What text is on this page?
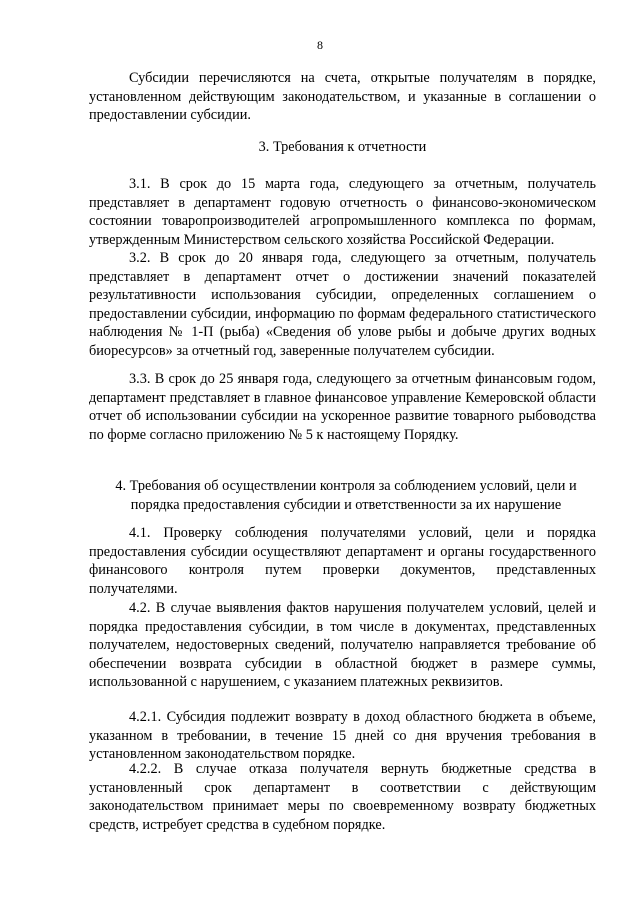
8

Субсидии перечисляются на счета, открытые получателям в порядке, установленном действующим законодательством, и указанные в соглашении о предоставлении субсидии.

3. Требования к отчетности

3.1. В срок до 15 марта года, следующего за отчетным, получатель представляет в департамент годовую отчетность о финансово-экономическом состоянии товаропроизводителей агропромышленного комплекса по формам, утвержденным Министерством сельского хозяйства Российской Федерации.

3.2. В срок до 20 января года, следующего за отчетным, получатель представляет в департамент отчет о достижении значений показателей результативности использования субсидии, определенных соглашением о предоставлении субсидии, информацию по формам федерального статистического наблюдения № 1-П (рыба) «Сведения об улове рыбы и добыче других водных биоресурсов» за отчетный год, заверенные получателем субсидии.

3.3. В срок до 25 января года, следующего за отчетным финансовым годом, департамент представляет в главное финансовое управление Кемеровской области отчет об использовании субсидии на ускоренное развитие товарного рыбоводства по форме согласно приложению № 5 к настоящему Порядку.

4. Требования об осуществлении контроля за соблюдением условий, цели и
порядка предоставления субсидии и ответственности за их нарушение

4.1. Проверку соблюдения получателями условий, цели и порядка предоставления субсидии осуществляют департамент и органы государственного финансового контроля путем проверки документов, представленных получателями.

4.2. В случае выявления фактов нарушения получателем условий, целей и порядка предоставления субсидии, в том числе в документах, представленных получателем, недостоверных сведений, получателю направляется требование об обеспечении возврата субсидии в областной бюджет в размере суммы, использованной с нарушением, с указанием платежных реквизитов.

4.2.1. Субсидия подлежит возврату в доход областного бюджета в объеме, указанном в требовании, в течение 15 дней со дня вручения требования в установленном законодательством порядке.

4.2.2. В случае отказа получателя вернуть бюджетные средства в установленный срок департамент в соответствии с действующим законодательством принимает меры по своевременному возврату бюджетных средств, истребует средства в судебном порядке.
